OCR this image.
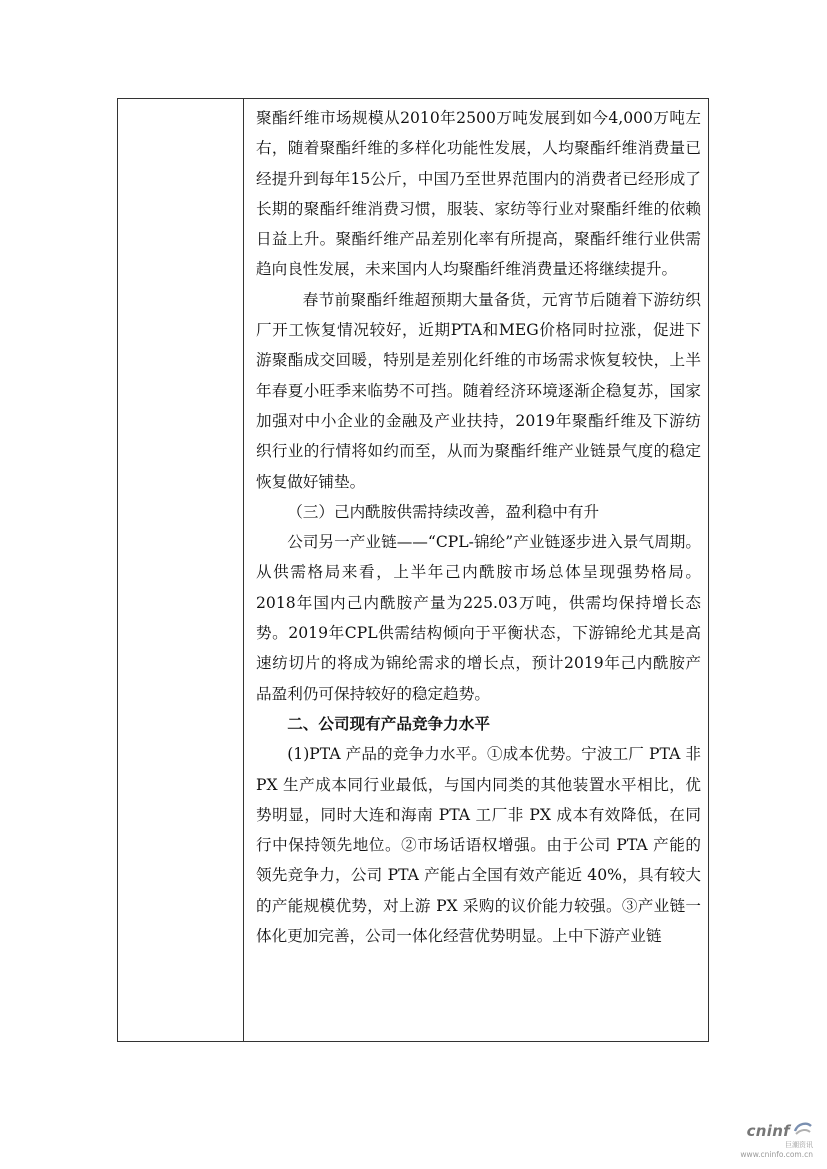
聚酯纤维市场规模从2010年2500万吨发展到如今4,000万吨左右，随着聚酯纤维的多样化功能性发展，人均聚酯纤维消费量已经提升到每年15公斤，中国乃至世界范围内的消费者已经形成了长期的聚酯纤维消费习惯，服装、家纺等行业对聚酯纤维的依赖日益上升。聚酯纤维产品差别化率有所提高，聚酯纤维行业供需趋向良性发展，未来国内人均聚酯纤维消费量还将继续提升。

春节前聚酯纤维超预期大量备货，元宵节后随着下游纺织厂开工恢复情况较好，近期PTA和MEG价格同时拉涨，促进下游聚酯成交回暖，特别是差别化纤维的市场需求恢复较快，上半年春夏小旺季来临势不可挡。随着经济环境逐渐企稳复苏，国家加强对中小企业的金融及产业扶持，2019年聚酯纤维及下游纺织行业的行情将如约而至，从而为聚酯纤维产业链景气度的稳定恢复做好铺垫。

（三）己内酰胺供需持续改善，盈利稳中有升

公司另一产业链——“CPL-锦纶”产业链逐步进入景气周期。从供需格局来看，上半年己内酰胺市场总体呈现强势格局。2018年国内己内酰胺产量为225.03万吨，供需均保持增长态势。2019年CPL供需结构倾向于平衡状态，下游锦纶尤其是高速纺切片的将成为锦纶需求的增长点，预计2019年己内酰胺产品盈利仍可保持较好的稳定趋势。

二、公司现有产品竞争力水平

(1)PTA 产品的竞争力水平。①成本优势。宁波工厂 PTA 非 PX 生产成本同行业最低，与国内同类的其他装置水平相比，优势明显，同时大连和海南 PTA 工厂非 PX 成本有效降低，在同行中保持领先地位。②市场话语权增强。由于公司 PTA 产能的领先竞争力，公司 PTA 产能占全国有效产能近 40%，具有较大的产能规模优势，对上游 PX 采购的议价能力较强。③产业链一体化更加完善，公司一体化经营优势明显。上中下游产业链

cninf
巨潮资讯
www.cninfo.com.cn
